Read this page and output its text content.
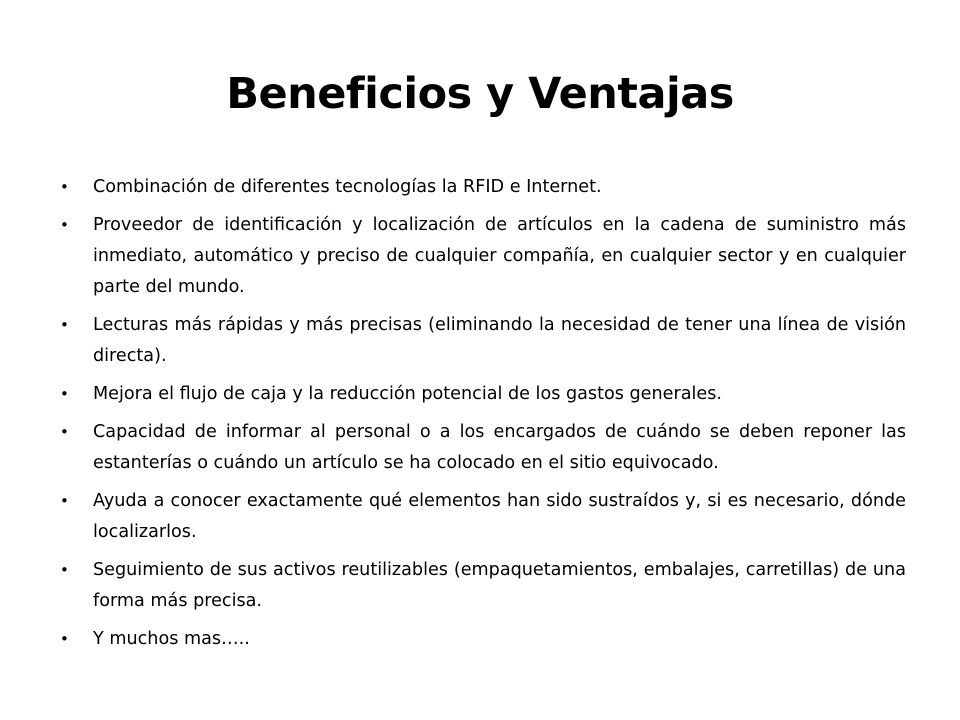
Beneficios y Ventajas
• Combinación de diferentes tecnologías la RFID e Internet.
• Proveedor de identificación y localización de artículos en la cadena de suministro más inmediato, automático y preciso de cualquier compañía, en cualquier sector y en cualquier parte del mundo.
• Lecturas más rápidas y más precisas (eliminando la necesidad de tener una línea de visión directa).
• Mejora el flujo de caja y la reducción potencial de los gastos generales.
• Capacidad de informar al personal o a los encargados de cuándo se deben reponer las estanterías o cuándo un artículo se ha colocado en el sitio equivocado.
• Ayuda a conocer exactamente qué elementos han sido sustraídos y, si es necesario, dónde localizarlos.
• Seguimiento de sus activos reutilizables (empaquetamientos, embalajes, carretillas) de una forma más precisa.
• Y muchos mas…..
